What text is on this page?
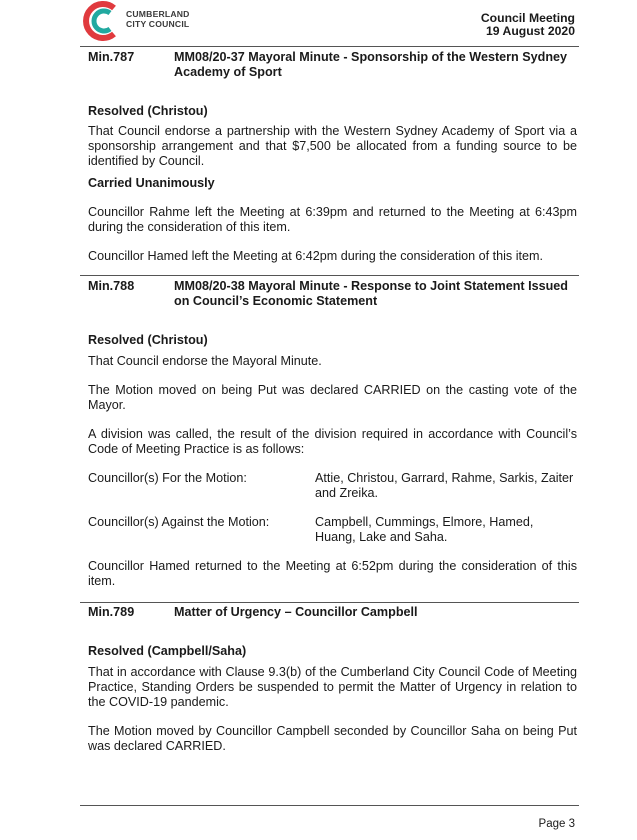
CUMBERLAND
CITY COUNCIL	Council Meeting
19 August 2020
Min.787	MM08/20-37 Mayoral Minute - Sponsorship of the Western Sydney Academy of Sport
Resolved (Christou)
That Council endorse a partnership with the Western Sydney Academy of Sport via a sponsorship arrangement and that $7,500 be allocated from a funding source to be identified by Council.
Carried Unanimously
Councillor Rahme left the Meeting at 6:39pm and returned to the Meeting at 6:43pm during the consideration of this item.
Councillor Hamed left the Meeting at 6:42pm during the consideration of this item.
Min.788	MM08/20-38 Mayoral Minute - Response to Joint Statement Issued on Council’s Economic Statement
Resolved (Christou)
That Council endorse the Mayoral Minute.
The Motion moved on being Put was declared CARRIED on the casting vote of the Mayor.
A division was called, the result of the division required in accordance with Council’s Code of Meeting Practice is as follows:
Councillor(s) For the Motion:	Attie, Christou, Garrard, Rahme, Sarkis, Zaiter and Zreika.
Councillor(s) Against the Motion:	Campbell, Cummings, Elmore, Hamed, Huang, Lake and Saha.
Councillor Hamed returned to the Meeting at 6:52pm during the consideration of this item.
Min.789	Matter of Urgency – Councillor Campbell
Resolved (Campbell/Saha)
That in accordance with Clause 9.3(b) of the Cumberland City Council Code of Meeting Practice, Standing Orders be suspended to permit the Matter of Urgency in relation to the COVID-19 pandemic.
The Motion moved by Councillor Campbell seconded by Councillor Saha on being Put was declared CARRIED.
Page 3
